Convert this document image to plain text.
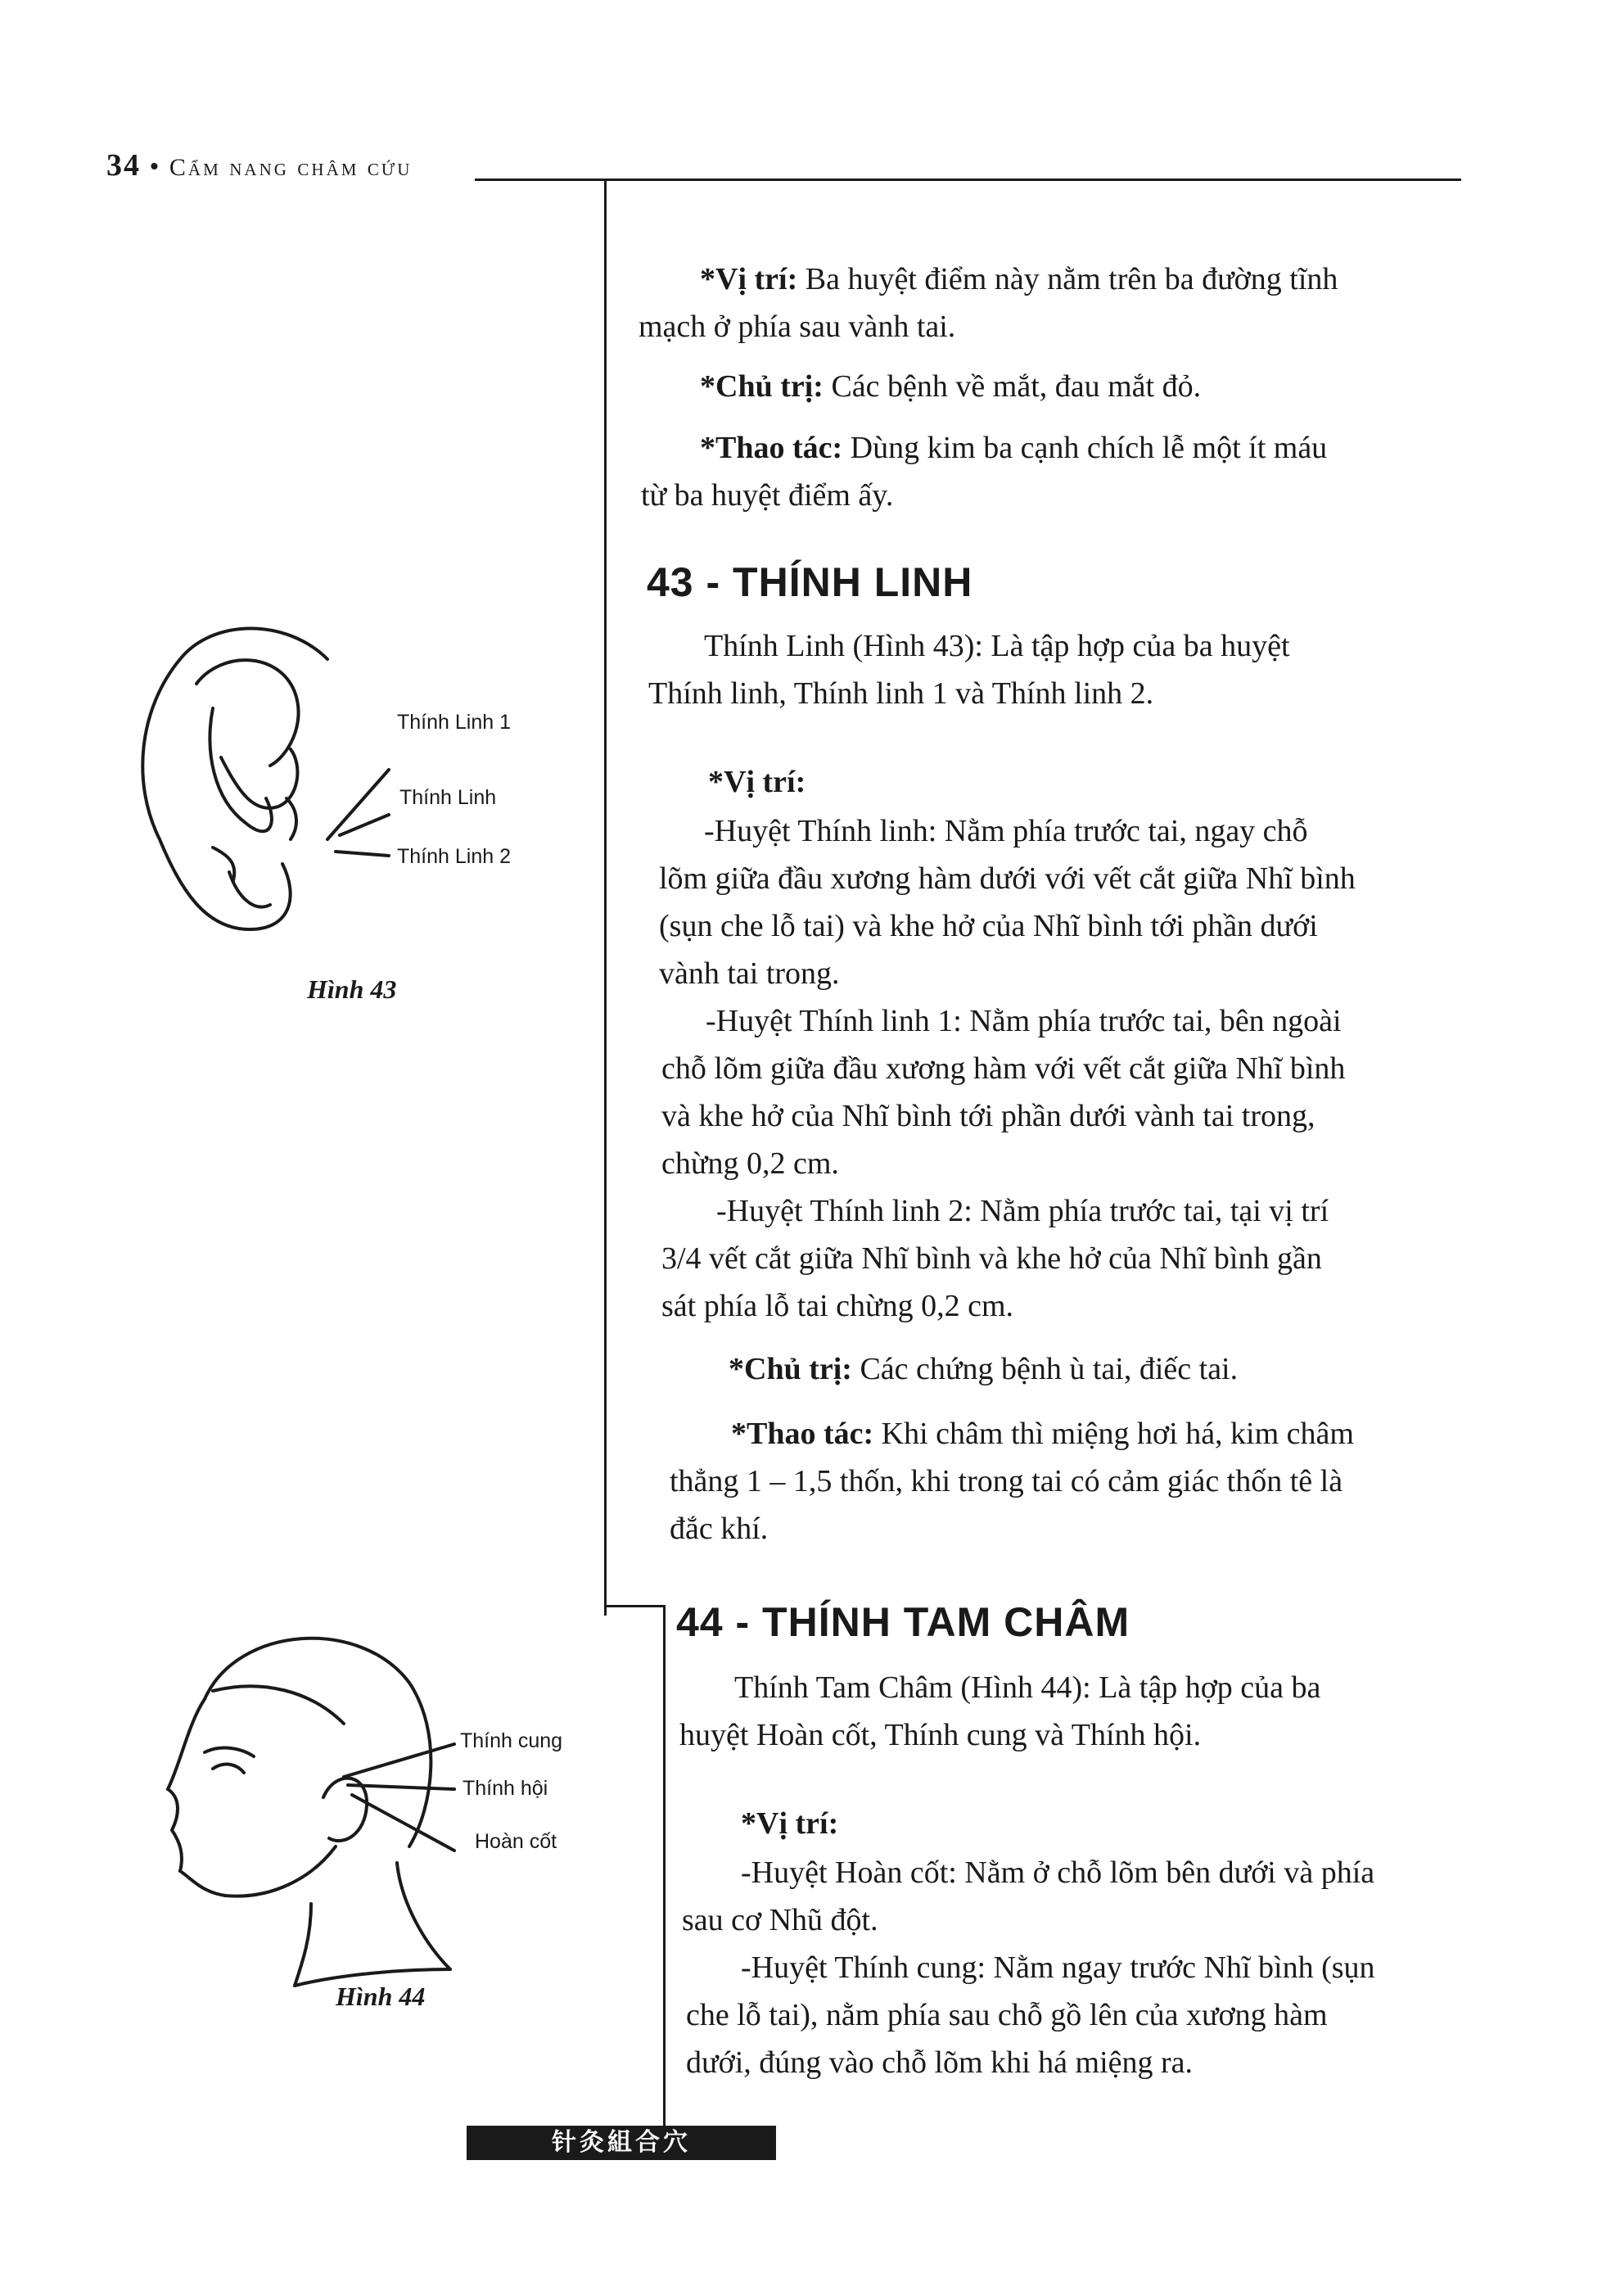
34 • Cẩm nang châm cứu
*Vị trí: Ba huyệt điểm này nằm trên ba đường tĩnh
mạch ở phía sau vành tai.
*Chủ trị: Các bệnh về mắt, đau mắt đỏ.
*Thao tác: Dùng kim ba cạnh chích lễ một ít máu
từ ba huyệt điểm ấy.
43 - THÍNH LINH
Thính Linh (Hình 43): Là tập hợp của ba huyệt
Thính linh, Thính linh 1 và Thính linh 2.
*Vị trí:
-Huyệt Thính linh: Nằm phía trước tai, ngay chỗ
lõm giữa đầu xương hàm dưới với vết cắt giữa Nhĩ bình
(sụn che lỗ tai) và khe hở của Nhĩ bình tới phần dưới
vành tai trong.
-Huyệt Thính linh 1: Nằm phía trước tai, bên ngoài
chỗ lõm giữa đầu xương hàm với vết cắt giữa Nhĩ bình
và khe hở của Nhĩ bình tới phần dưới vành tai trong,
chừng 0,2 cm.
-Huyệt Thính linh 2: Nằm phía trước tai, tại vị trí
3/4 vết cắt giữa Nhĩ bình và khe hở của Nhĩ bình gần
sát phía lỗ tai chừng 0,2 cm.
*Chủ trị: Các chứng bệnh ù tai, điếc tai.
*Thao tác: Khi châm thì miệng hơi há, kim châm
thẳng 1 – 1,5 thốn, khi trong tai có cảm giác thốn tê là
đắc khí.
44 - THÍNH TAM CHÂM
Thính Tam Châm (Hình 44): Là tập hợp của ba
huyệt Hoàn cốt, Thính cung và Thính hội.
*Vị trí:
-Huyệt Hoàn cốt: Nằm ở chỗ lõm bên dưới và phía
sau cơ Nhũ đột.
-Huyệt Thính cung: Nằm ngay trước Nhĩ bình (sụn
che lỗ tai), nằm phía sau chỗ gồ lên của xương hàm
dưới, đúng vào chỗ lõm khi há miệng ra.
Thính Linh 1
Thính Linh
Thính Linh 2
Hình 43
Thính cung
Thính hội
Hoàn cốt
Hình 44
针灸組合穴
